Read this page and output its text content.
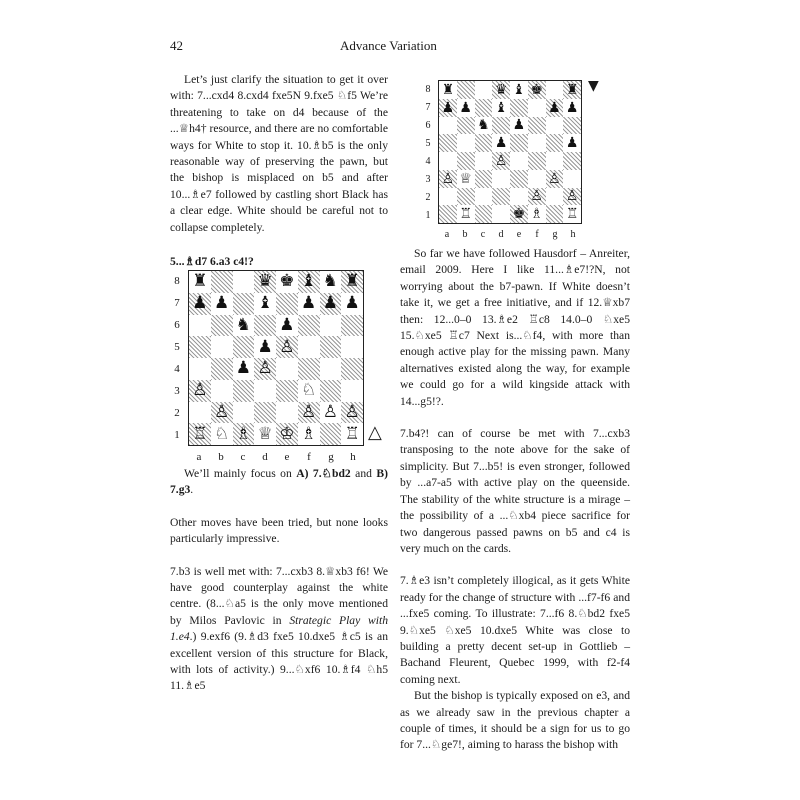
42	Advance Variation

Let’s just clarify the situation to get it over with: 7...cxd4 8.cxd4 fxe5N 9.fxe5 ♘f5 We’re threatening to take on d4 because of the ...♕h4† resource, and there are no comfortable ways for White to stop it. 10.♗b5 is the only reasonable way of preserving the pawn, but the bishop is misplaced on b5 and after 10...♗e7 followed by castling short Black has a clear edge. White should be careful not to collapse completely.

5...♗d7 6.a3 c4!?

8
7
6
5
4
3
2
1
♜	♛ ♚ ♝ ♞ ♜
♟ ♟ ♝ ♟ ♟ ♟
♞ ♟
♟ ♙
♟ ♙
♙	♘
♙	♙ ♙ ♙
♖ ♘ ♗ ♕ ♔ ♗ ♖
a	b	c	d	e	f	g	h
△

We’ll mainly focus on A) 7.♘bd2 and B) 7.g3.

Other moves have been tried, but none looks particularly impressive.

7.b3 is well met with: 7...cxb3 8.♕xb3 f6! We have good counterplay against the white centre. (8...♘a5 is the only move mentioned by Milos Pavlovic in Strategic Play with 1.e4.) 9.exf6 (9.♗d3 fxe5 10.dxe5 ♗c5 is an excellent version of this structure for Black, with lots of activity.) 9...♘xf6 10.♗f4 ♘h5 11.♗e5

8
7
6
5
4
3
2
1
♜	♛ ♝ ♚ ♜
♟ ♟ ♝	♟ ♟
♞ ♟
♟	♟
♙
♙ ♕	♙
♙ ♙
♖	♚ ♗ ♖
a	b	c	d	e	f	g	h
▼

So far we have followed Hausdorf – Anreiter, email 2009. Here I like 11...♗e7!?N, not worrying about the b7-pawn. If White doesn’t take it, we get a free initiative, and if 12.♕xb7 then: 12...0–0 13.♗e2 ♖c8 14.0–0 ♘xe5 15.♘xe5 ♖c7 Next is...♘f4, with more than enough active play for the missing pawn. Many alternatives existed along the way, for example we could go for a wild kingside attack with 14...g5!?.

7.b4?! can of course be met with 7...cxb3 transposing to the note above for the sake of simplicity. But 7...b5! is even stronger, followed by ...a7-a5 with active play on the queenside. The stability of the white structure is a mirage – the possibility of a ...♘xb4 piece sacrifice for two dangerous passed pawns on b5 and c4 is very much on the cards.

7.♗e3 isn’t completely illogical, as it gets White ready for the change of structure with ...f7-f6 and ...fxe5 coming. To illustrate: 7...f6 8.♘bd2 fxe5 9.♘xe5 ♘xe5 10.dxe5 White was close to building a pretty decent set-up in Gottlieb – Bachand Fleurent, Quebec 1999, with f2-f4 coming next.

But the bishop is typically exposed on e3, and as we already saw in the previous chapter a couple of times, it should be a sign for us to go for 7...♘ge7!, aiming to harass the bishop with
